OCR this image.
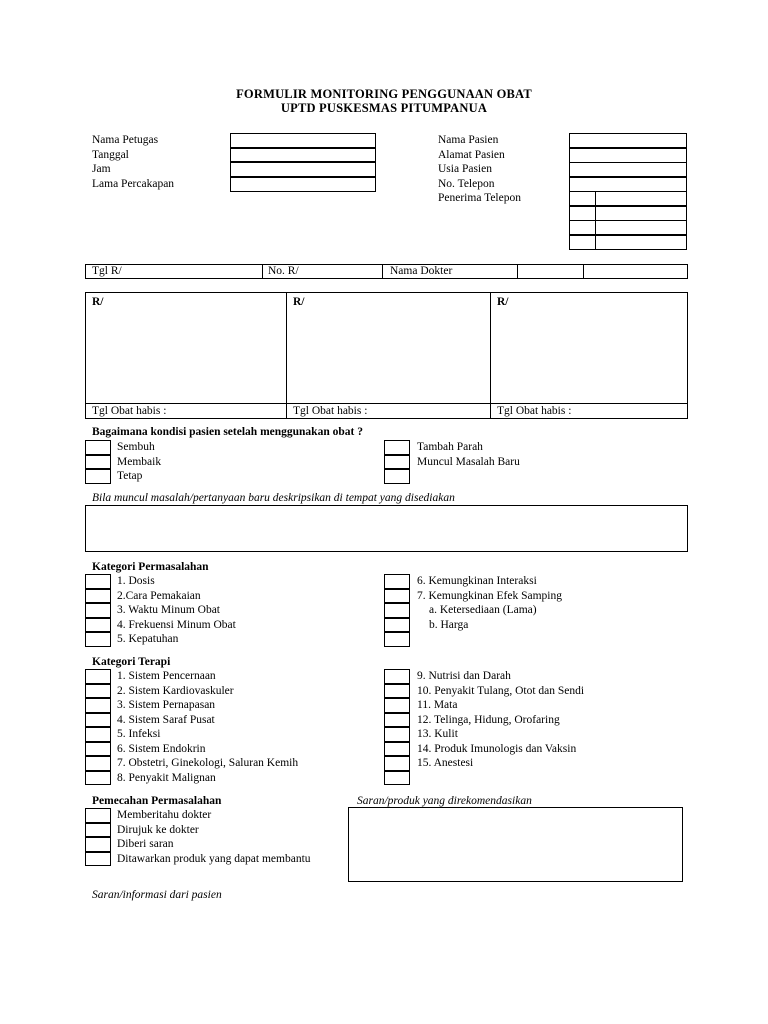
FORMULIR MONITORING PENGGUNAAN OBAT
UPTD PUSKESMAS PITUMPANUA
Nama Petugas
Tanggal
Jam
Lama Percakapan
Nama Pasien
Alamat Pasien
Usia Pasien
No. Telepon
Penerima Telepon
Tgl R/	No. R/	Nama Dokter
R/
Tgl Obat habis :
R/
Tgl Obat habis :
R/
Tgl Obat habis :
Bagaimana kondisi pasien setelah menggunakan obat ?
Sembuh
Membaik
Tetap
Tambah Parah
Muncul Masalah Baru
Bila muncul masalah/pertanyaan baru deskripsikan di tempat yang disediakan
Kategori Permasalahan
1. Dosis
2.Cara Pemakaian
3. Waktu Minum Obat
4. Frekuensi Minum Obat
5. Kepatuhan
6. Kemungkinan Interaksi
7. Kemungkinan Efek Samping
a. Ketersediaan (Lama)
b. Harga
Kategori Terapi
1. Sistem Pencernaan
2. Sistem Kardiovaskuler
3. Sistem Pernapasan
4. Sistem Saraf Pusat
5. Infeksi
6. Sistem Endokrin
7. Obstetri, Ginekologi, Saluran Kemih
8. Penyakit Malignan
9. Nutrisi dan Darah
10. Penyakit Tulang, Otot dan Sendi
11. Mata
12. Telinga, Hidung, Orofaring
13. Kulit
14. Produk Imunologis dan Vaksin
15. Anestesi
Pemecahan Permasalahan	Saran/produk yang direkomendasikan
Memberitahu dokter
Dirujuk ke dokter
Diberi saran
Ditawarkan produk yang dapat membantu
Saran/informasi dari pasien
